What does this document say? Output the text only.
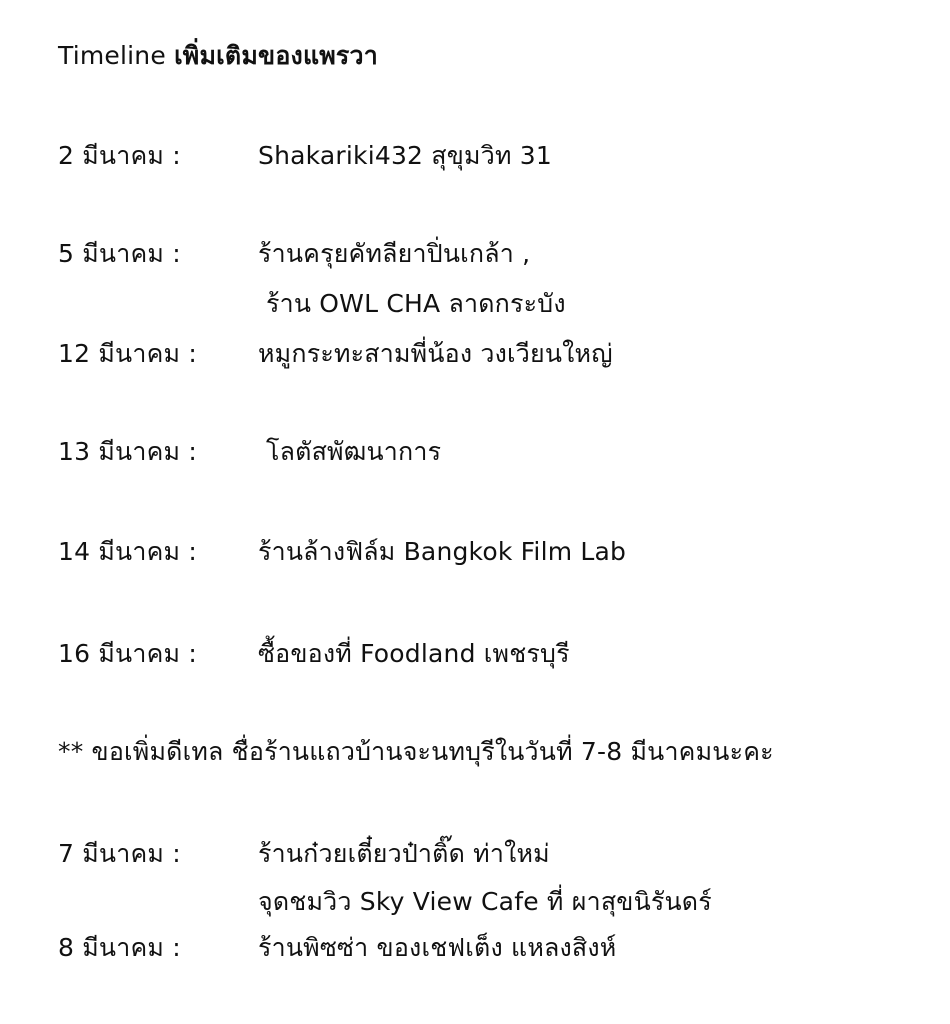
Timeline เพิ่มเติมของแพรวา
2 มีนาคม :	Shakariki432 สุขุมวิท 31
5 มีนาคม :	ร้านครุยคัทลียาปิ่นเกล้า ,
ร้าน OWL CHA ลาดกระบัง
12 มีนาคม : หมูกระทะสามพี่น้อง วงเวียนใหญ่
13 มีนาคม :	โลตัสพัฒนาการ
14 มีนาคม : ร้านล้างฟิล์ม Bangkok Film Lab
16 มีนาคม : ซื้อของที่ Foodland เพชรบุรี
** ขอเพิ่มดีเทล ชื่อร้านแถวบ้านจะนทบุรีในวันที่ 7-8 มีนาคมนะคะ
7 มีนาคม :	ร้านก๋วยเตี๋ยวป๋าติ๊ด ท่าใหม่
จุดชมวิว Sky View Cafe ที่ ผาสุขนิรันดร์
8 มีนาคม :	ร้านพิซซ่า ของเชฟเต็ง แหลงสิงห์
